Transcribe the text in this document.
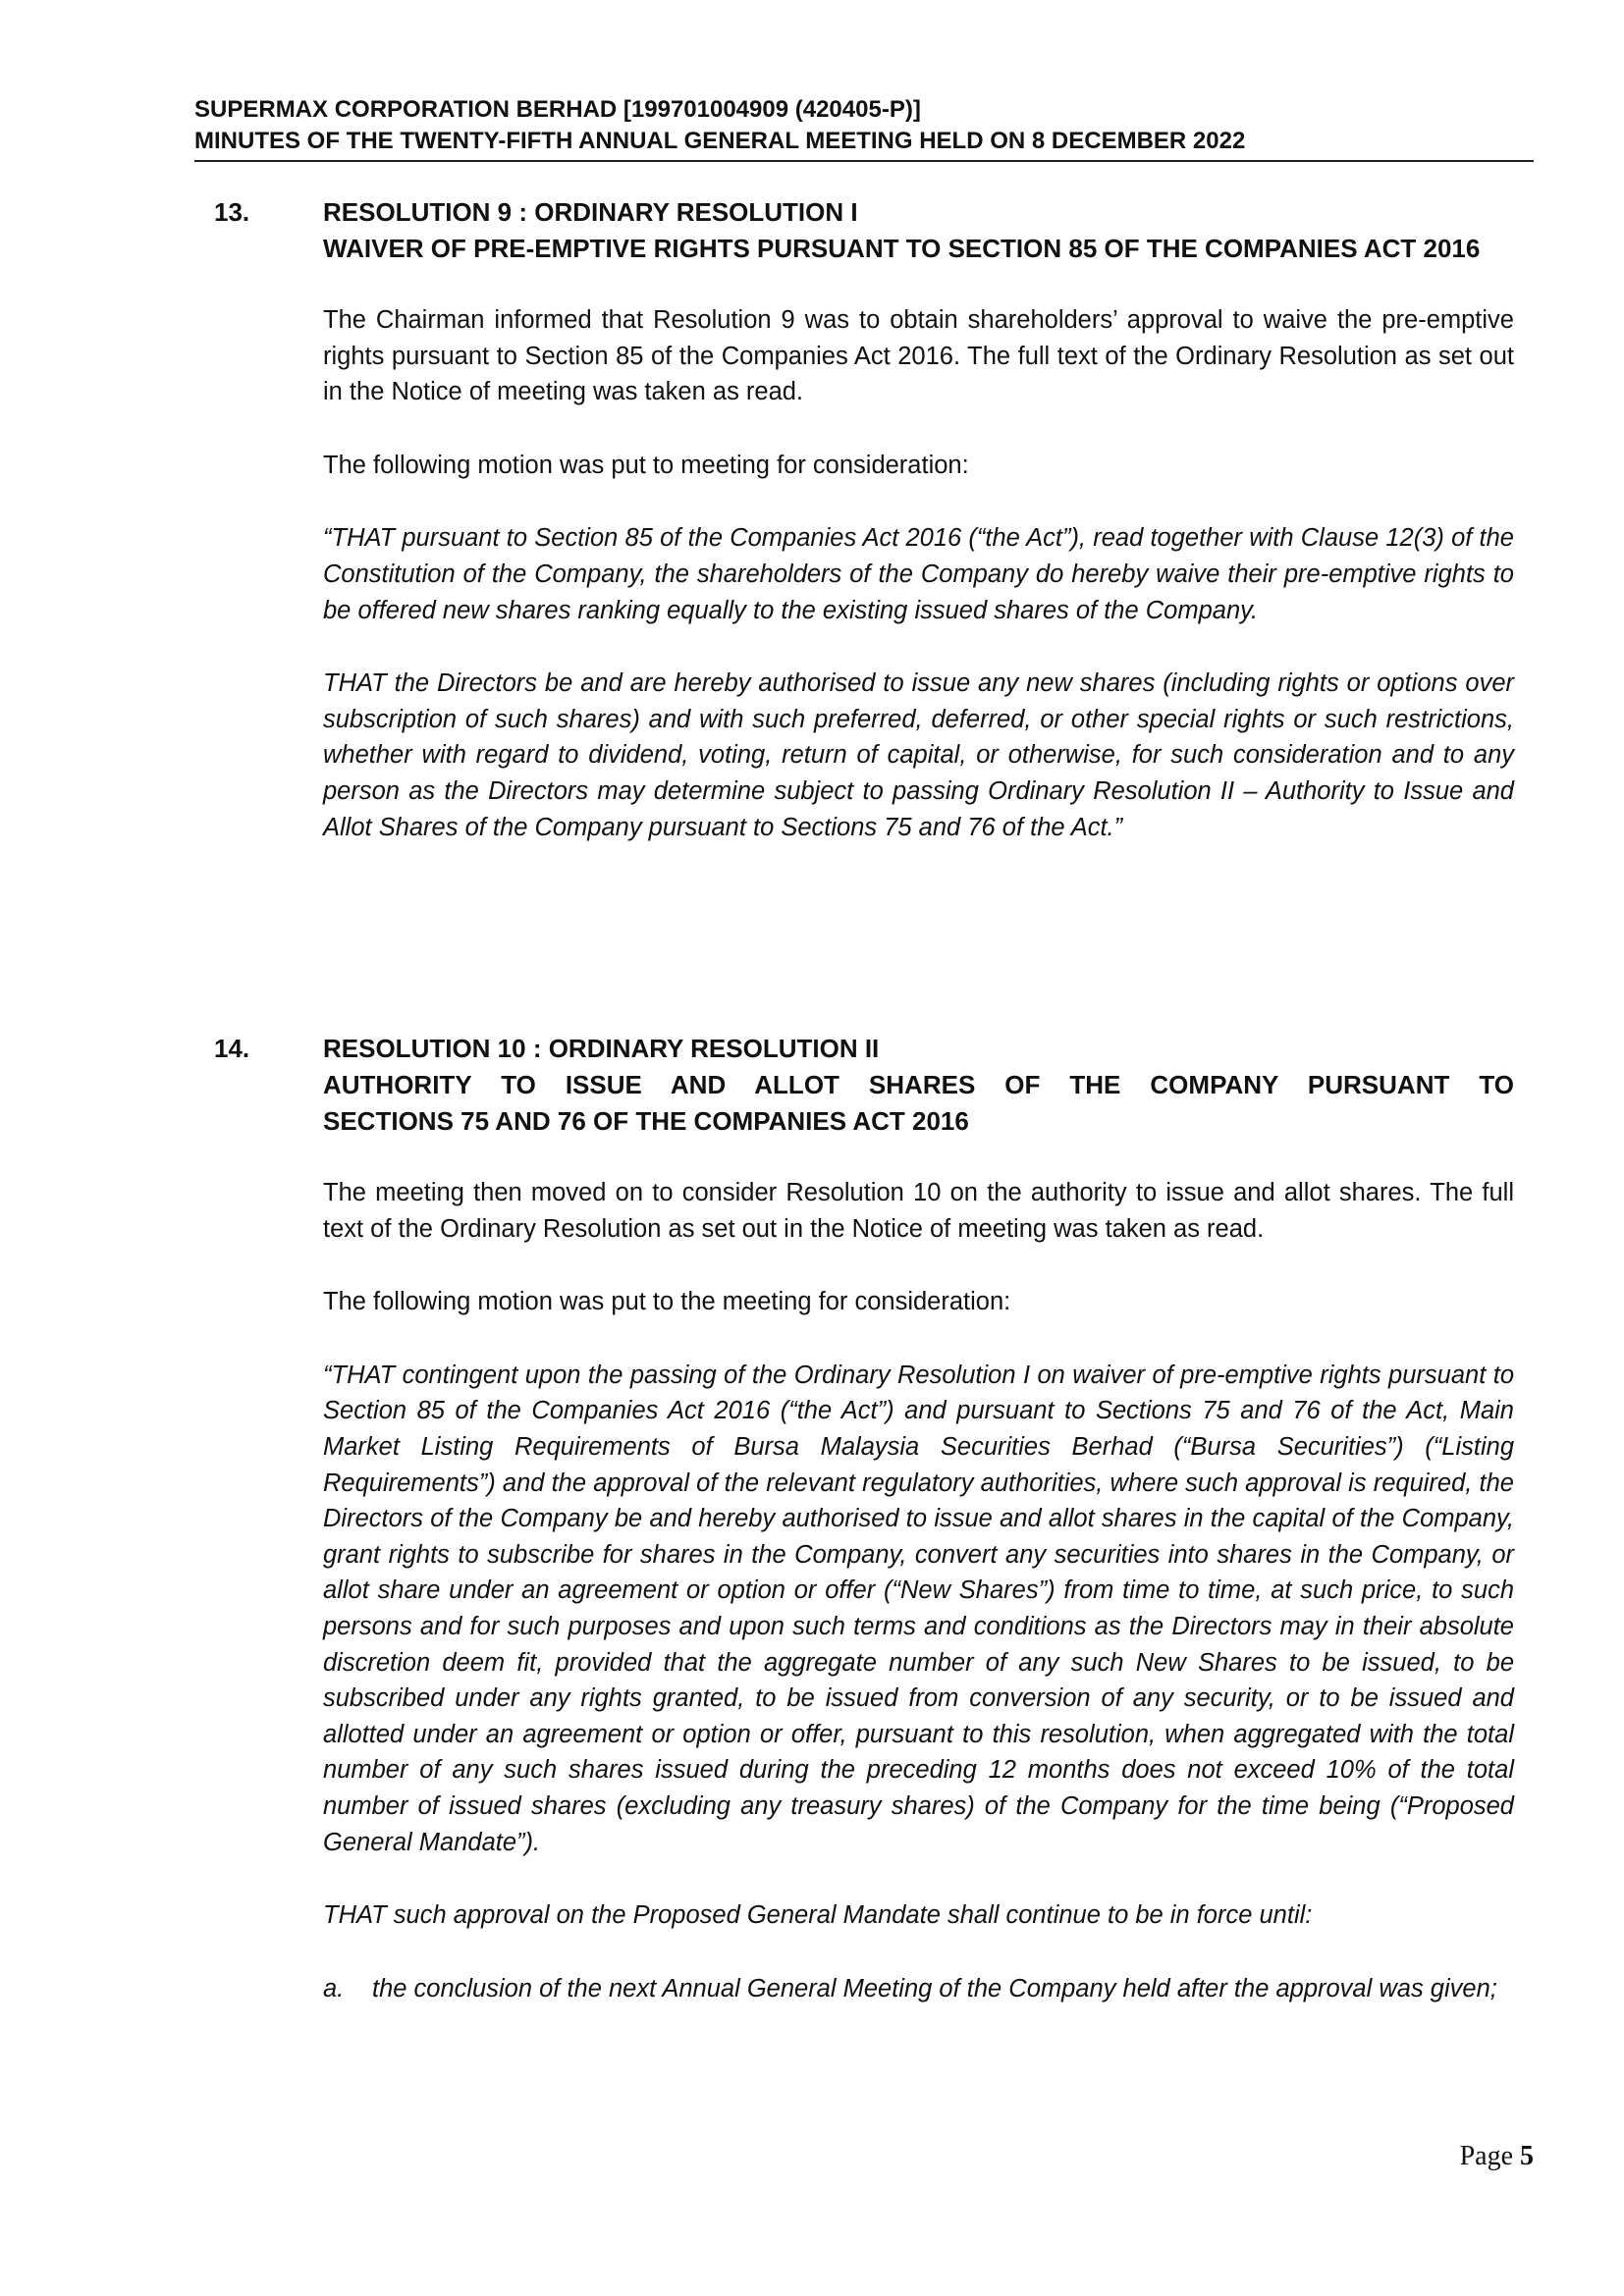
SUPERMAX CORPORATION BERHAD [199701004909 (420405-P)]
MINUTES OF THE TWENTY-FIFTH ANNUAL GENERAL MEETING HELD ON 8 DECEMBER 2022
13.	RESOLUTION 9 : ORDINARY RESOLUTION I
WAIVER OF PRE-EMPTIVE RIGHTS PURSUANT TO SECTION 85 OF THE COMPANIES ACT 2016

The Chairman informed that Resolution 9 was to obtain shareholders’ approval to waive the pre-emptive rights pursuant to Section 85 of the Companies Act 2016. The full text of the Ordinary Resolution as set out in the Notice of meeting was taken as read.

The following motion was put to meeting for consideration:

“THAT pursuant to Section 85 of the Companies Act 2016 (“the Act”), read together with Clause 12(3) of the Constitution of the Company, the shareholders of the Company do hereby waive their pre-emptive rights to be offered new shares ranking equally to the existing issued shares of the Company.

THAT the Directors be and are hereby authorised to issue any new shares (including rights or options over subscription of such shares) and with such preferred, deferred, or other special rights or such restrictions, whether with regard to dividend, voting, return of capital, or otherwise, for such consideration and to any person as the Directors may determine subject to passing Ordinary Resolution II – Authority to Issue and Allot Shares of the Company pursuant to Sections 75 and 76 of the Act.”

14.	RESOLUTION 10 : ORDINARY RESOLUTION II
AUTHORITY TO ISSUE AND ALLOT SHARES OF THE COMPANY PURSUANT TO
SECTIONS 75 AND 76 OF THE COMPANIES ACT 2016

The meeting then moved on to consider Resolution 10 on the authority to issue and allot shares. The full text of the Ordinary Resolution as set out in the Notice of meeting was taken as read.

The following motion was put to the meeting for consideration:

“THAT contingent upon the passing of the Ordinary Resolution I on waiver of pre-emptive rights pursuant to Section 85 of the Companies Act 2016 (“the Act”) and pursuant to Sections 75 and 76 of the Act, Main Market Listing Requirements of Bursa Malaysia Securities Berhad (“Bursa Securities”) (“Listing Requirements”) and the approval of the relevant regulatory authorities, where such approval is required, the Directors of the Company be and hereby authorised to issue and allot shares in the capital of the Company, grant rights to subscribe for shares in the Company, convert any securities into shares in the Company, or allot share under an agreement or option or offer (“New Shares”) from time to time, at such price, to such persons and for such purposes and upon such terms and conditions as the Directors may in their absolute discretion deem fit, provided that the aggregate number of any such New Shares to be issued, to be subscribed under any rights granted, to be issued from conversion of any security, or to be issued and allotted under an agreement or option or offer, pursuant to this resolution, when aggregated with the total number of any such shares issued during the preceding 12 months does not exceed 10% of the total number of issued shares (excluding any treasury shares) of the Company for the time being (“Proposed General Mandate”).

THAT such approval on the Proposed General Mandate shall continue to be in force until:

a.	the conclusion of the next Annual General Meeting of the Company held after the approval was given;
Page 5
